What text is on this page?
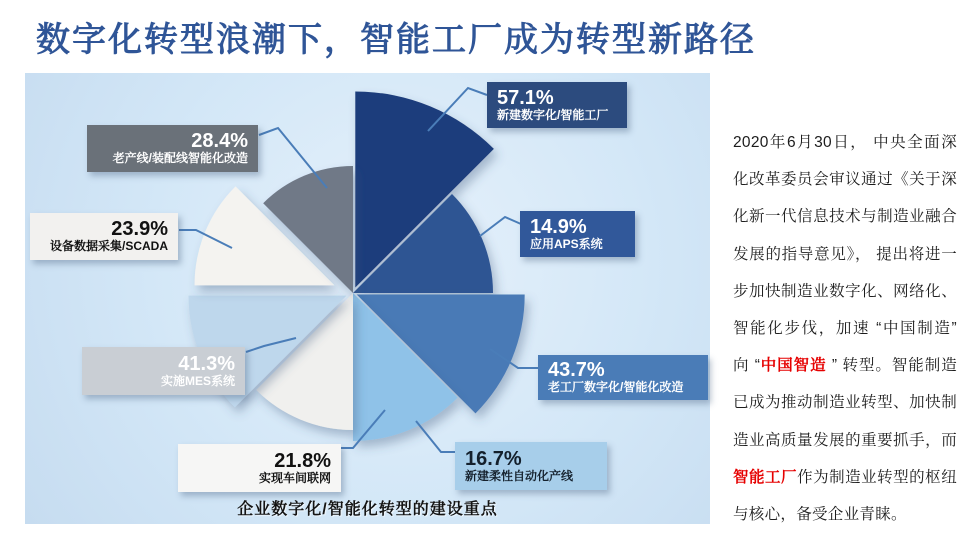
数字化转型浪潮下，智能工厂成为转型新路径
57.1%
新建数字化/智能工厂
14.9%
应用APS系统
43.7%
老工厂数字化/智能化改造
16.7%
新建柔性自动化产线
21.8%
实现车间联网
41.3%
实施MES系统
23.9%
设备数据采集/SCADA
28.4%
老产线/装配线智能化改造
企业数字化/智能化转型的建设重点
2020年6月30日， 中央全面深化改革委员会审议通过《关于深化新一代信息技术与制造业融合发展的指导意见》， 提出将进一步加快制造业数字化、网络化、智能化步伐，加速 “中国制造” 向 “中国智造 ” 转型。智能制造已成为推动制造业转型、加快制造业高质量发展的重要抓手，而智能工厂作为制造业转型的枢纽与核心，备受企业青睐。
